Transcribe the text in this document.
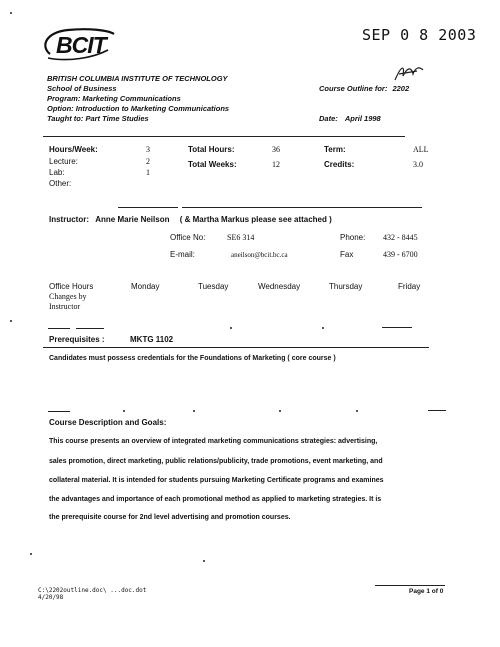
BCIT	SEP 0 8 2003
BRITISH COLUMBIA INSTITUTE OF TECHNOLOGY
School of Business
Program: Marketing Communications
Option: Introduction to Marketing Communications
Taught to: Part Time Studies
Course Outline for: 2202
Date: April 1998
Hours/Week:	3
Lecture:	2
Lab:	1
Other:
Total Hours:	36
Total Weeks:	12
Term:	ALL
Credits:	3.0
Instructor: Anne Marie Neilson ( & Martha Markus please see attached )
Office No:	SE6 314	Phone: 432 - 8445
E-mail:	aneilson@bcit.bc.ca	Fax	439 - 6700
Office Hours
Changes by Instructor
Monday	Tuesday	Wednesday	Thursday	Friday
Prerequisites :	MKTG 1102
Candidates must possess credentials for the Foundations of Marketing ( core course )
Course Description and Goals:
This course presents an overview of integrated marketing communications strategies: advertising,
sales promotion, direct marketing, public relations/publicity, trade promotions, event marketing, and
collateral material. It is intended for students pursuing Marketing Certificate programs and examines
the advantages and importance of each promotional method as applied to marketing strategies. It is
the prerequisite course for 2nd level advertising and promotion courses.
C:\2202outline.doc\ ...doc.dot
4/20/98
Page 1 of 0
